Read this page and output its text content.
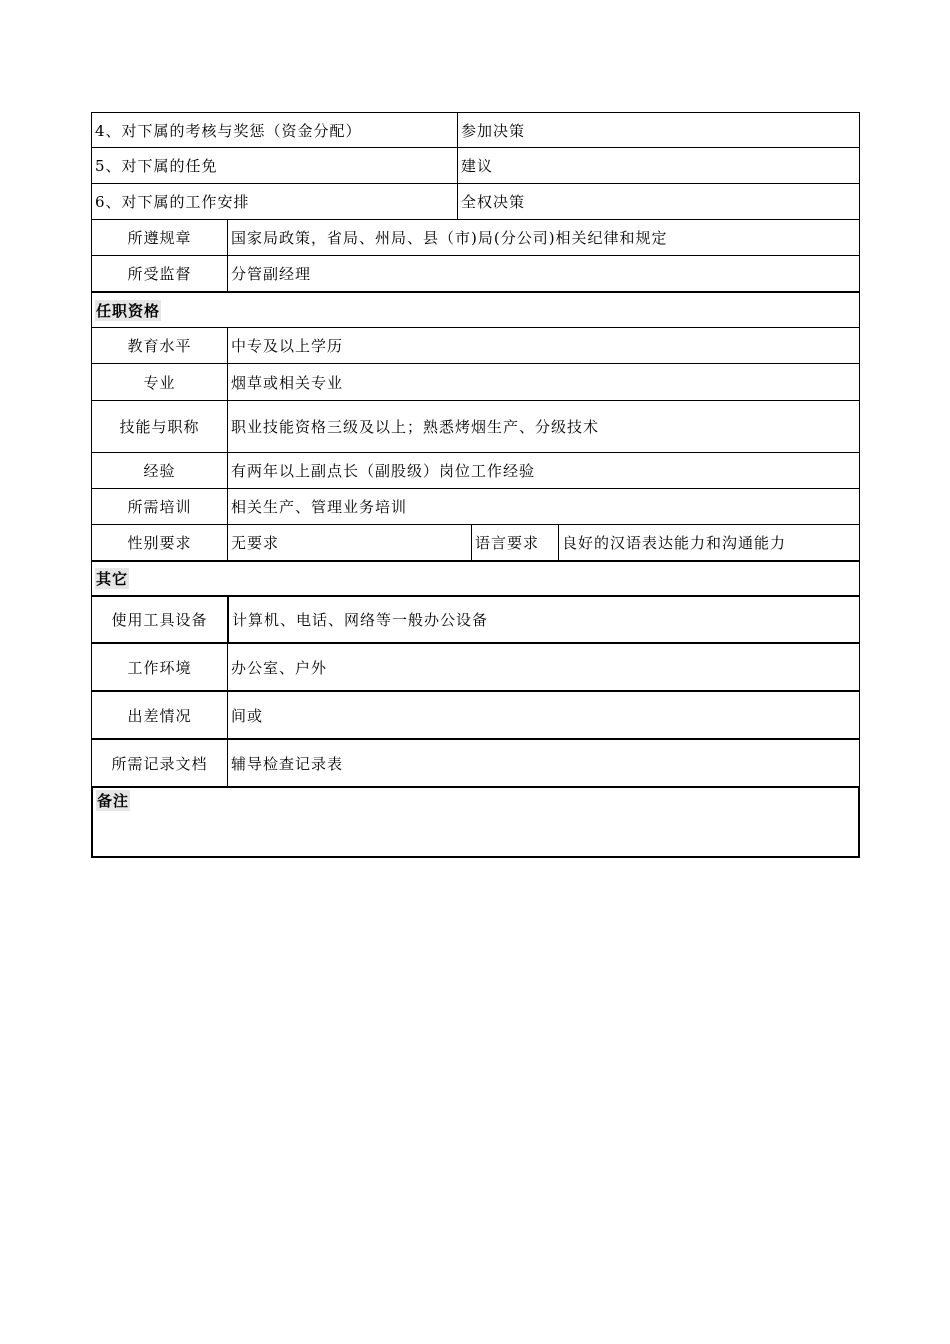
4、对下属的考核与奖惩（资金分配）	参加决策
5、对下属的任免	建议
6、对下属的工作安排	全权决策
所遵规章	国家局政策，省局、州局、县（市)局(分公司)相关纪律和规定
所受监督	分管副经理
任职资格
教育水平	中专及以上学历
专业	烟草或相关专业
技能与职称	职业技能资格三级及以上；熟悉烤烟生产、分级技术
经验	有两年以上副点长（副股级）岗位工作经验
所需培训	相关生产、管理业务培训
性别要求	无要求	语言要求	良好的汉语表达能力和沟通能力
其它
使用工具设备	计算机、电话、网络等一般办公设备
工作环境	办公室、户外
出差情况	间或
所需记录文档	辅导检查记录表
备注
